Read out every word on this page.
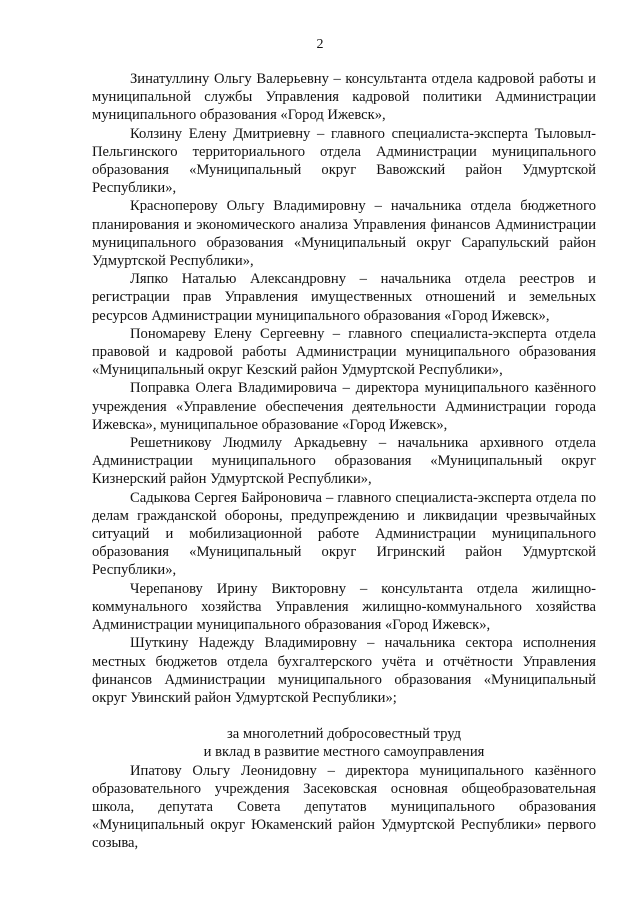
2

Зинатуллину Ольгу Валерьевну – консультанта отдела кадровой работы и муниципальной службы Управления кадровой политики Администрации муниципального образования «Город Ижевск»,

Колзину Елену Дмитриевну – главного специалиста-эксперта Тыловыл-Пельгинского территориального отдела Администрации муниципального образования «Муниципальный округ Вавожский район Удмуртской Республики»,

Красноперову Ольгу Владимировну – начальника отдела бюджетного планирования и экономического анализа Управления финансов Администрации муниципального образования «Муниципальный округ Сарапульский район Удмуртской Республики»,

Ляпко Наталью Александровну – начальника отдела реестров и регистрации прав Управления имущественных отношений и земельных ресурсов Администрации муниципального образования «Город Ижевск»,

Пономареву Елену Сергеевну – главного специалиста-эксперта отдела правовой и кадровой работы Администрации муниципального образования «Муниципальный округ Кезский район Удмуртской Республики»,

Поправка Олега Владимировича – директора муниципального казённого учреждения «Управление обеспечения деятельности Администрации города Ижевска», муниципальное образование «Город Ижевск»,

Решетникову Людмилу Аркадьевну – начальника архивного отдела Администрации муниципального образования «Муниципальный округ Кизнерский район Удмуртской Республики»,

Садыкова Сергея Байроновича – главного специалиста-эксперта отдела по делам гражданской обороны, предупреждению и ликвидации чрезвычайных ситуаций и мобилизационной работе Администрации муниципального образования «Муниципальный округ Игринский район Удмуртской Республики»,

Черепанову Ирину Викторовну – консультанта отдела жилищно-коммунального хозяйства Управления жилищно-коммунального хозяйства Администрации муниципального образования «Город Ижевск»,

Шуткину Надежду Владимировну – начальника сектора исполнения местных бюджетов отдела бухгалтерского учёта и отчётности Управления финансов Администрации муниципального образования «Муниципальный округ Увинский район Удмуртской Республики»;

за многолетний добросовестный труд

и вклад в развитие местного самоуправления

Ипатову Ольгу Леонидовну – директора муниципального казённого образовательного учреждения Засековская основная общеобразовательная школа, депутата Совета депутатов муниципального образования «Муниципальный округ Юкаменский район Удмуртской Республики» первого созыва,
